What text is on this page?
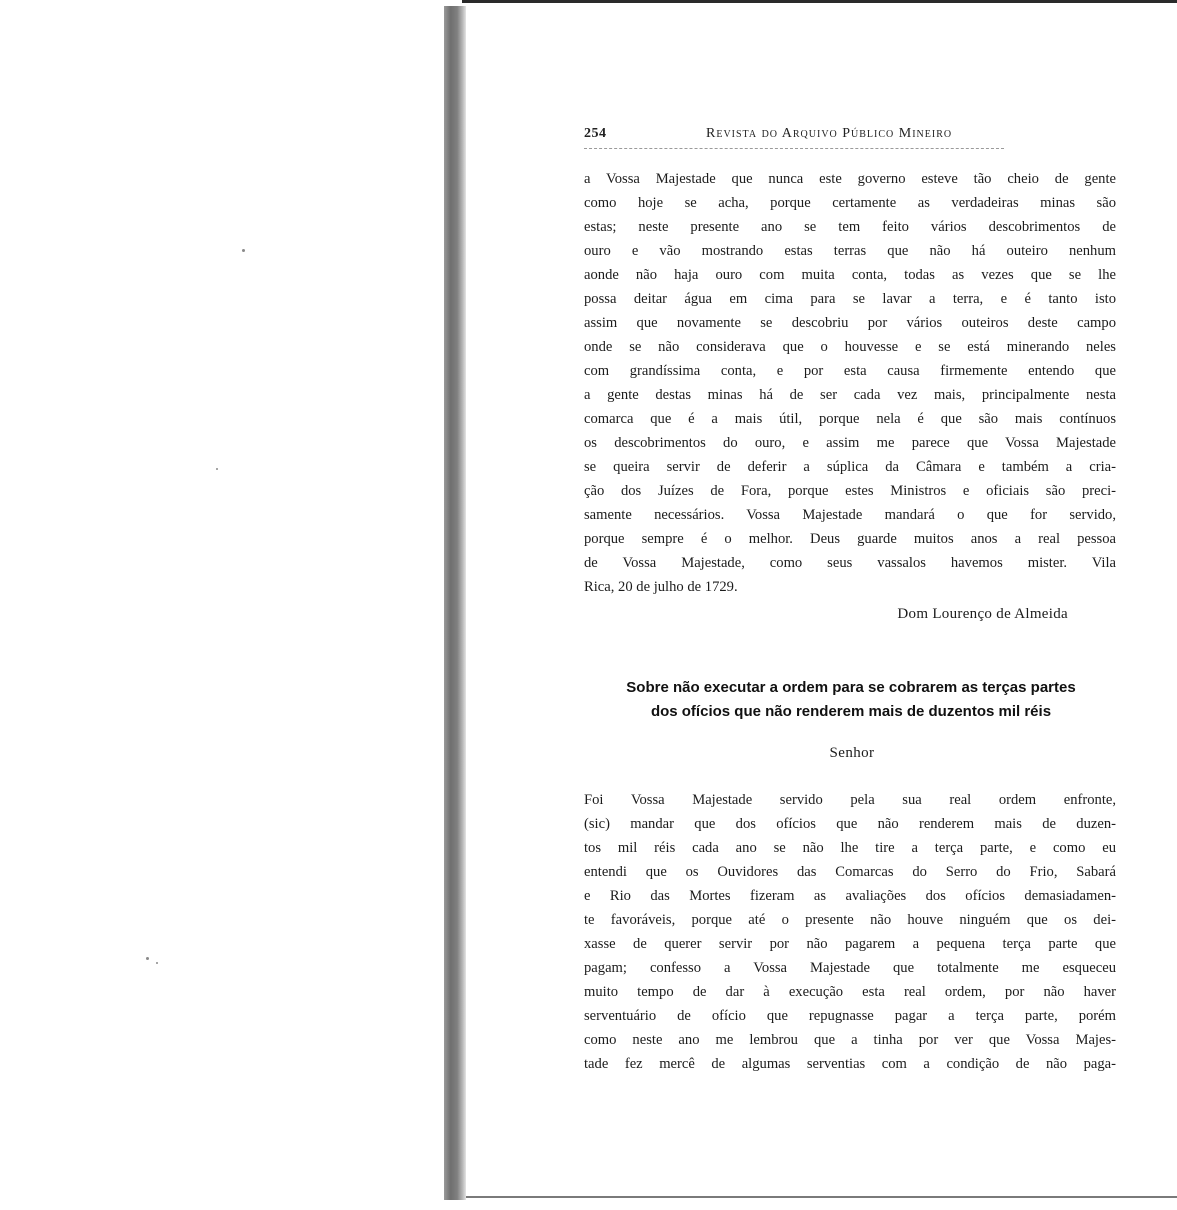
254	Revista do Arquivo Público Mineiro
a Vossa Majestade que nunca este governo esteve tão cheio de gente
como hoje se acha, porque certamente as verdadeiras minas são
estas; neste presente ano se tem feito vários descobrimentos de
ouro e vão mostrando estas terras que não há outeiro nenhum
aonde não haja ouro com muita conta, todas as vezes que se lhe
possa deitar água em cima para se lavar a terra, e é tanto isto
assim que novamente se descobriu por vários outeiros deste campo
onde se não considerava que o houvesse e se está minerando neles
com grandíssima conta, e por esta causa firmemente entendo que
a gente destas minas há de ser cada vez mais, principalmente nesta
comarca que é a mais útil, porque nela é que são mais contínuos
os descobrimentos do ouro, e assim me parece que Vossa Majestade
se queira servir de deferir a súplica da Câmara e também a cria-
ção dos Juízes de Fora, porque estes Ministros e oficiais são preci-
samente necessários. Vossa Majestade mandará o que for servido,
porque sempre é o melhor. Deus guarde muitos anos a real pessoa
de Vossa Majestade, como seus vassalos havemos mister. Vila
Rica, 20 de julho de 1729.
Dom Lourenço de Almeida
Sobre não executar a ordem para se cobrarem as terças partes
dos ofícios que não renderem mais de duzentos mil réis
Senhor
Foi Vossa Majestade servido pela sua real ordem enfronte,
(sic) mandar que dos ofícios que não renderem mais de duzen-
tos mil réis cada ano se não lhe tire a terça parte, e como eu
entendi que os Ouvidores das Comarcas do Serro do Frio, Sabará
e Rio das Mortes fizeram as avaliações dos ofícios demasiadamen-
te favoráveis, porque até o presente não houve ninguém que os dei-
xasse de querer servir por não pagarem a pequena terça parte que
pagam; confesso a Vossa Majestade que totalmente me esqueceu
muito tempo de dar à execução esta real ordem, por não haver
serventuário de ofício que repugnasse pagar a terça parte, porém
como neste ano me lembrou que a tinha por ver que Vossa Majes-
tade fez mercê de algumas serventias com a condição de não paga-
